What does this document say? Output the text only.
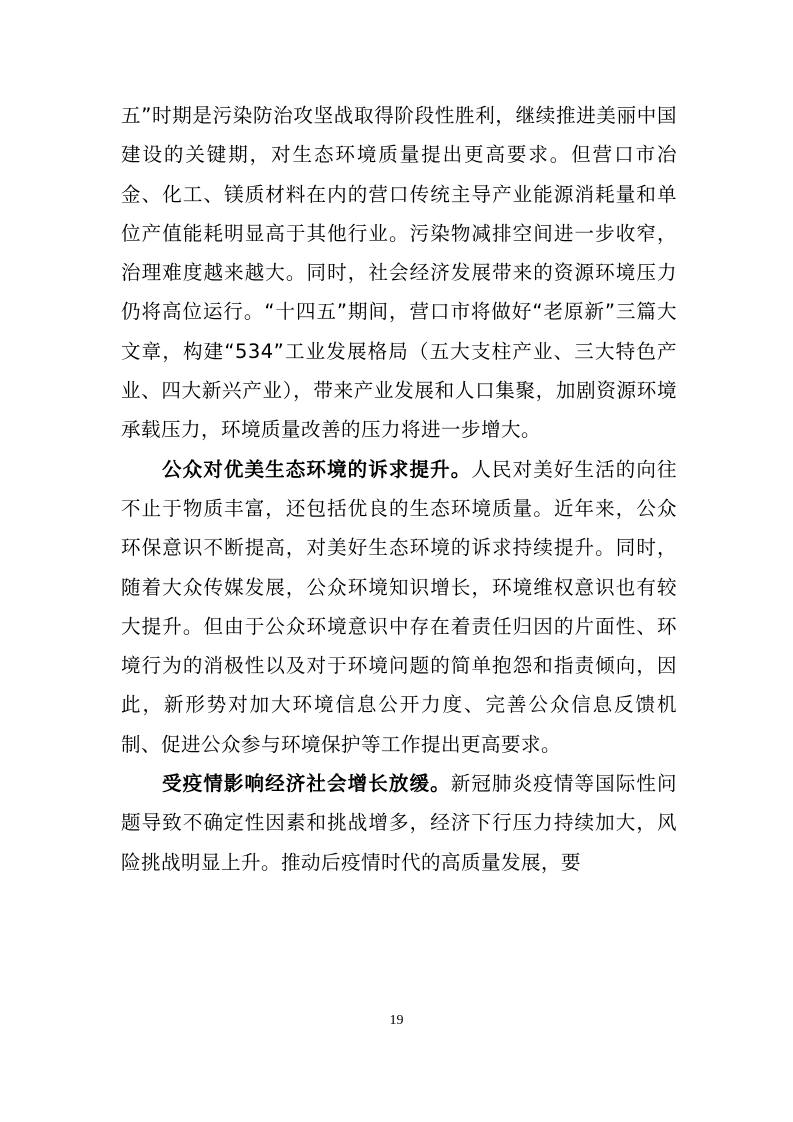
五”时期是污染防治攻坚战取得阶段性胜利，继续推进美丽中国建设的关键期，对生态环境质量提出更高要求。但营口市冶金、化工、镁质材料在内的营口传统主导产业能源消耗量和单位产值能耗明显高于其他行业。污染物减排空间进一步收窄，治理难度越来越大。同时，社会经济发展带来的资源环境压力仍将高位运行。“十四五”期间，营口市将做好“老原新”三篇大文章，构建“534”工业发展格局（五大支柱产业、三大特色产业、四大新兴产业），带来产业发展和人口集聚，加剧资源环境承载压力，环境质量改善的压力将进一步增大。

公众对优美生态环境的诉求提升。人民对美好生活的向往不止于物质丰富，还包括优良的生态环境质量。近年来，公众环保意识不断提高，对美好生态环境的诉求持续提升。同时，随着大众传媒发展，公众环境知识增长，环境维权意识也有较大提升。但由于公众环境意识中存在着责任归因的片面性、环境行为的消极性以及对于环境问题的简单抱怨和指责倾向，因此，新形势对加大环境信息公开力度、完善公众信息反馈机制、促进公众参与环境保护等工作提出更高要求。

受疫情影响经济社会增长放缓。新冠肺炎疫情等国际性问题导致不确定性因素和挑战增多，经济下行压力持续加大，风险挑战明显上升。推动后疫情时代的高质量发展，要

19
